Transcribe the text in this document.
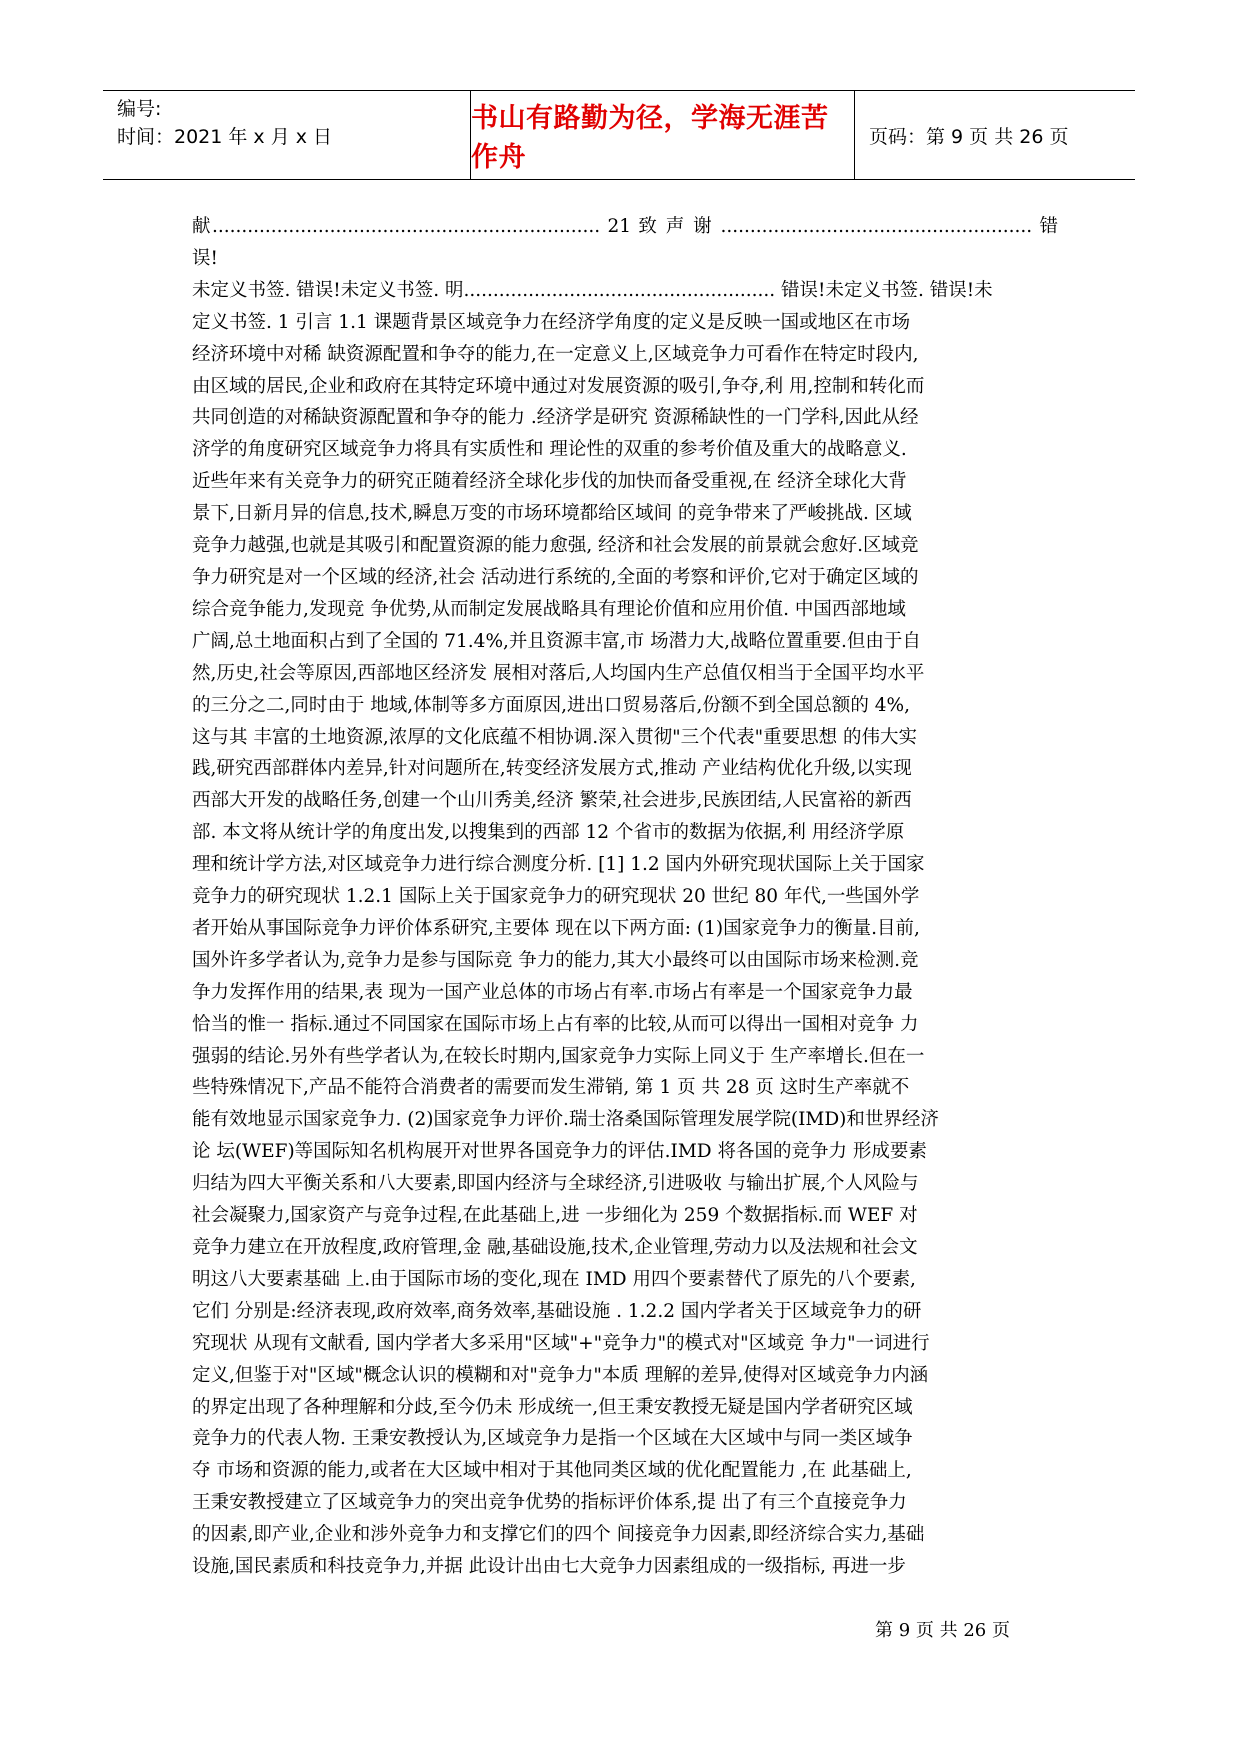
编号:
时间：2021 年 x 月 x 日
书山有路勤为径，学海无涯苦作舟
页码：第 9 页 共 26 页

献.................................................................. 21 致 声 谢 ..................................................... 错误!

未定义书签. 错误!未定义书签. 明..................................................... 错误!未定义书签. 错误!未

定义书签. 1 引言 1.1 课题背景区域竞争力在经济学角度的定义是反映一国或地区在市场

经济环境中对稀 缺资源配置和争夺的能力,在一定意义上,区域竞争力可看作在特定时段内,

由区域的居民,企业和政府在其特定环境中通过对发展资源的吸引,争夺,利 用,控制和转化而

共同创造的对稀缺资源配置和争夺的能力 .经济学是研究 资源稀缺性的一门学科,因此从经

济学的角度研究区域竞争力将具有实质性和 理论性的双重的参考价值及重大的战略意义.

近些年来有关竞争力的研究正随着经济全球化步伐的加快而备受重视,在 经济全球化大背

景下,日新月异的信息,技术,瞬息万变的市场环境都给区域间 的竞争带来了严峻挑战. 区域

竞争力越强,也就是其吸引和配置资源的能力愈强, 经济和社会发展的前景就会愈好.区域竞

争力研究是对一个区域的经济,社会 活动进行系统的,全面的考察和评价,它对于确定区域的

综合竞争能力,发现竞 争优势,从而制定发展战略具有理论价值和应用价值. 中国西部地域

广阔,总土地面积占到了全国的 71.4%,并且资源丰富,市 场潜力大,战略位置重要.但由于自

然,历史,社会等原因,西部地区经济发 展相对落后,人均国内生产总值仅相当于全国平均水平

的三分之二,同时由于 地域,体制等多方面原因,进出口贸易落后,份额不到全国总额的 4%,

这与其 丰富的土地资源,浓厚的文化底蕴不相协调.深入贯彻"三个代表"重要思想 的伟大实

践,研究西部群体内差异,针对问题所在,转变经济发展方式,推动 产业结构优化升级,以实现

西部大开发的战略任务,创建一个山川秀美,经济 繁荣,社会进步,民族团结,人民富裕的新西

部. 本文将从统计学的角度出发,以搜集到的西部 12 个省市的数据为依据,利 用经济学原

理和统计学方法,对区域竞争力进行综合测度分析. [1] 1.2 国内外研究现状国际上关于国家

竞争力的研究现状 1.2.1 国际上关于国家竞争力的研究现状 20 世纪 80 年代,一些国外学

者开始从事国际竞争力评价体系研究,主要体 现在以下两方面: (1)国家竞争力的衡量.目前,

国外许多学者认为,竞争力是参与国际竞 争力的能力,其大小最终可以由国际市场来检测.竞

争力发挥作用的结果,表 现为一国产业总体的市场占有率.市场占有率是一个国家竞争力最

恰当的惟一 指标.通过不同国家在国际市场上占有率的比较,从而可以得出一国相对竞争 力

强弱的结论.另外有些学者认为,在较长时期内,国家竞争力实际上同义于 生产率增长.但在一

些特殊情况下,产品不能符合消费者的需要而发生滞销, 第 1 页 共 28 页 这时生产率就不

能有效地显示国家竞争力. (2)国家竞争力评价.瑞士洛桑国际管理发展学院(IMD)和世界经济

论 坛(WEF)等国际知名机构展开对世界各国竞争力的评估.IMD 将各国的竞争力 形成要素

归结为四大平衡关系和八大要素,即国内经济与全球经济,引进吸收 与输出扩展,个人风险与

社会凝聚力,国家资产与竞争过程,在此基础上,进 一步细化为 259 个数据指标.而 WEF 对

竞争力建立在开放程度,政府管理,金 融,基础设施,技术,企业管理,劳动力以及法规和社会文

明这八大要素基础 上.由于国际市场的变化,现在 IMD 用四个要素替代了原先的八个要素,

它们 分别是:经济表现,政府效率,商务效率,基础设施 . 1.2.2 国内学者关于区域竞争力的研

究现状 从现有文献看, 国内学者大多采用"区域"+"竞争力"的模式对"区域竞 争力"一词进行

定义,但鉴于对"区域"概念认识的模糊和对"竞争力"本质 理解的差异,使得对区域竞争力内涵

的界定出现了各种理解和分歧,至今仍未 形成统一,但王秉安教授无疑是国内学者研究区域

竞争力的代表人物. 王秉安教授认为,区域竞争力是指一个区域在大区域中与同一类区域争

夺 市场和资源的能力,或者在大区域中相对于其他同类区域的优化配置能力 ,在 此基础上,

王秉安教授建立了区域竞争力的突出竞争优势的指标评价体系,提 出了有三个直接竞争力

的因素,即产业,企业和涉外竞争力和支撑它们的四个 间接竞争力因素,即经济综合实力,基础

设施,国民素质和科技竞争力,并据 此设计出由七大竞争力因素组成的一级指标, 再进一步

第 9 页 共 26 页
